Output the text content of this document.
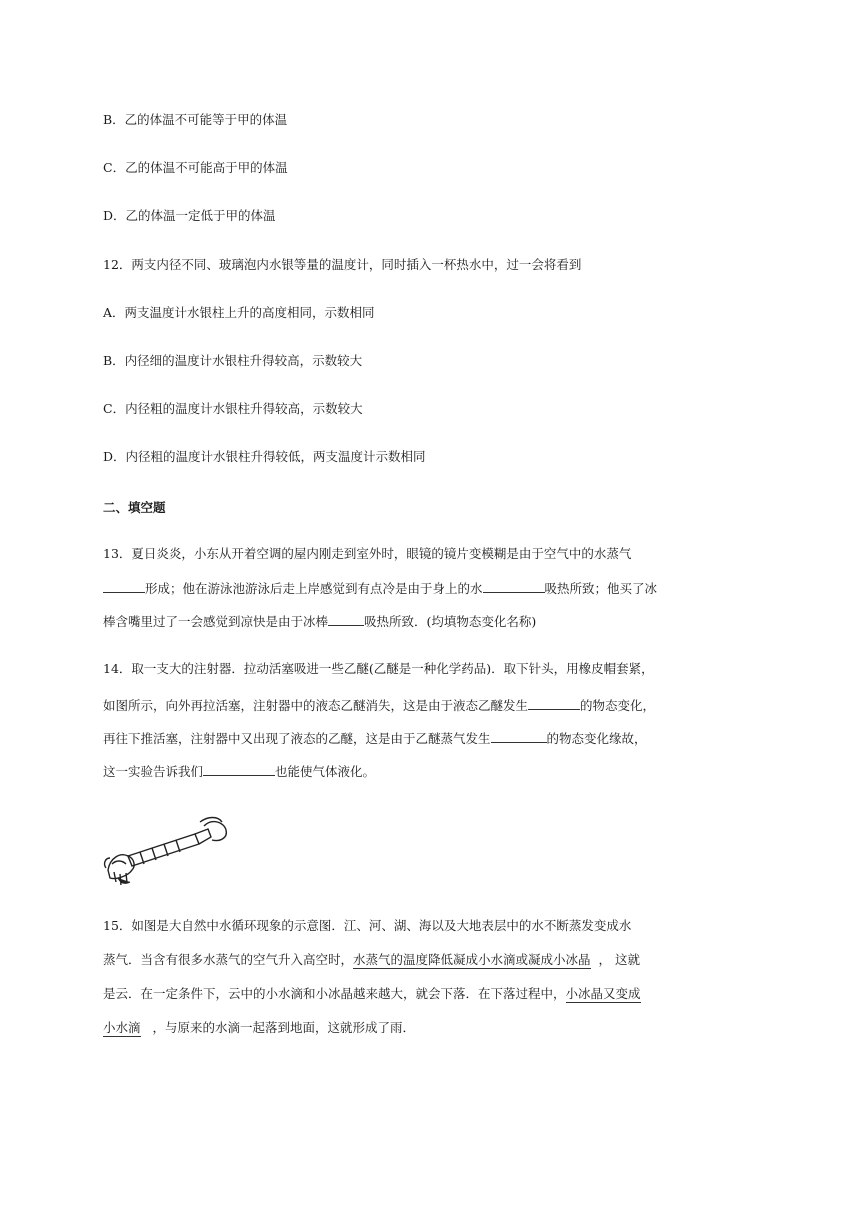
B．乙的体温不可能等于甲的体温
C．乙的体温不可能高于甲的体温
D．乙的体温一定低于甲的体温
12．两支内径不同、玻璃泡内水银等量的温度计，同时插入一杯热水中，过一会将看到
A．两支温度计水银柱上升的高度相同，示数相同
B．内径细的温度计水银柱升得较高，示数较大
C．内径粗的温度计水银柱升得较高，示数较大
D．内径粗的温度计水银柱升得较低，两支温度计示数相同
二、填空题
13．夏日炎炎，小东从开着空调的屋内刚走到室外时，眼镜的镜片变模糊是由于空气中的水蒸气
形成；他在游泳池游泳后走上岸感觉到有点冷是由于身上的水	吸热所致；他买了冰
棒含嘴里过了一会感觉到凉快是由于冰棒	吸热所致．(均填物态变化名称)
14．取一支大的注射器．拉动活塞吸进一些乙醚(乙醚是一种化学药品)．取下针头，用橡皮帽套紧，
如图所示，向外再拉活塞，注射器中的液态乙醚消失，这是由于液态乙醚发生	的物态变化，
再往下推活塞，注射器中又出现了液态的乙醚，这是由于乙醚蒸气发生	的物态变化缘故，
这一实验告诉我们	也能使气体液化。
15．如图是大自然中水循环现象的示意图．江、河、湖、海以及大地表层中的水不断蒸发变成水
蒸气．当含有很多水蒸气的空气升入高空时，水蒸气的温度降低凝成小水滴或凝成小冰晶 ， 这就
是云．在一定条件下，云中的小水滴和小冰晶越来越大，就会下落．在下落过程中，小冰晶又变成
小水滴 ，与原来的水滴一起落到地面，这就形成了雨．
